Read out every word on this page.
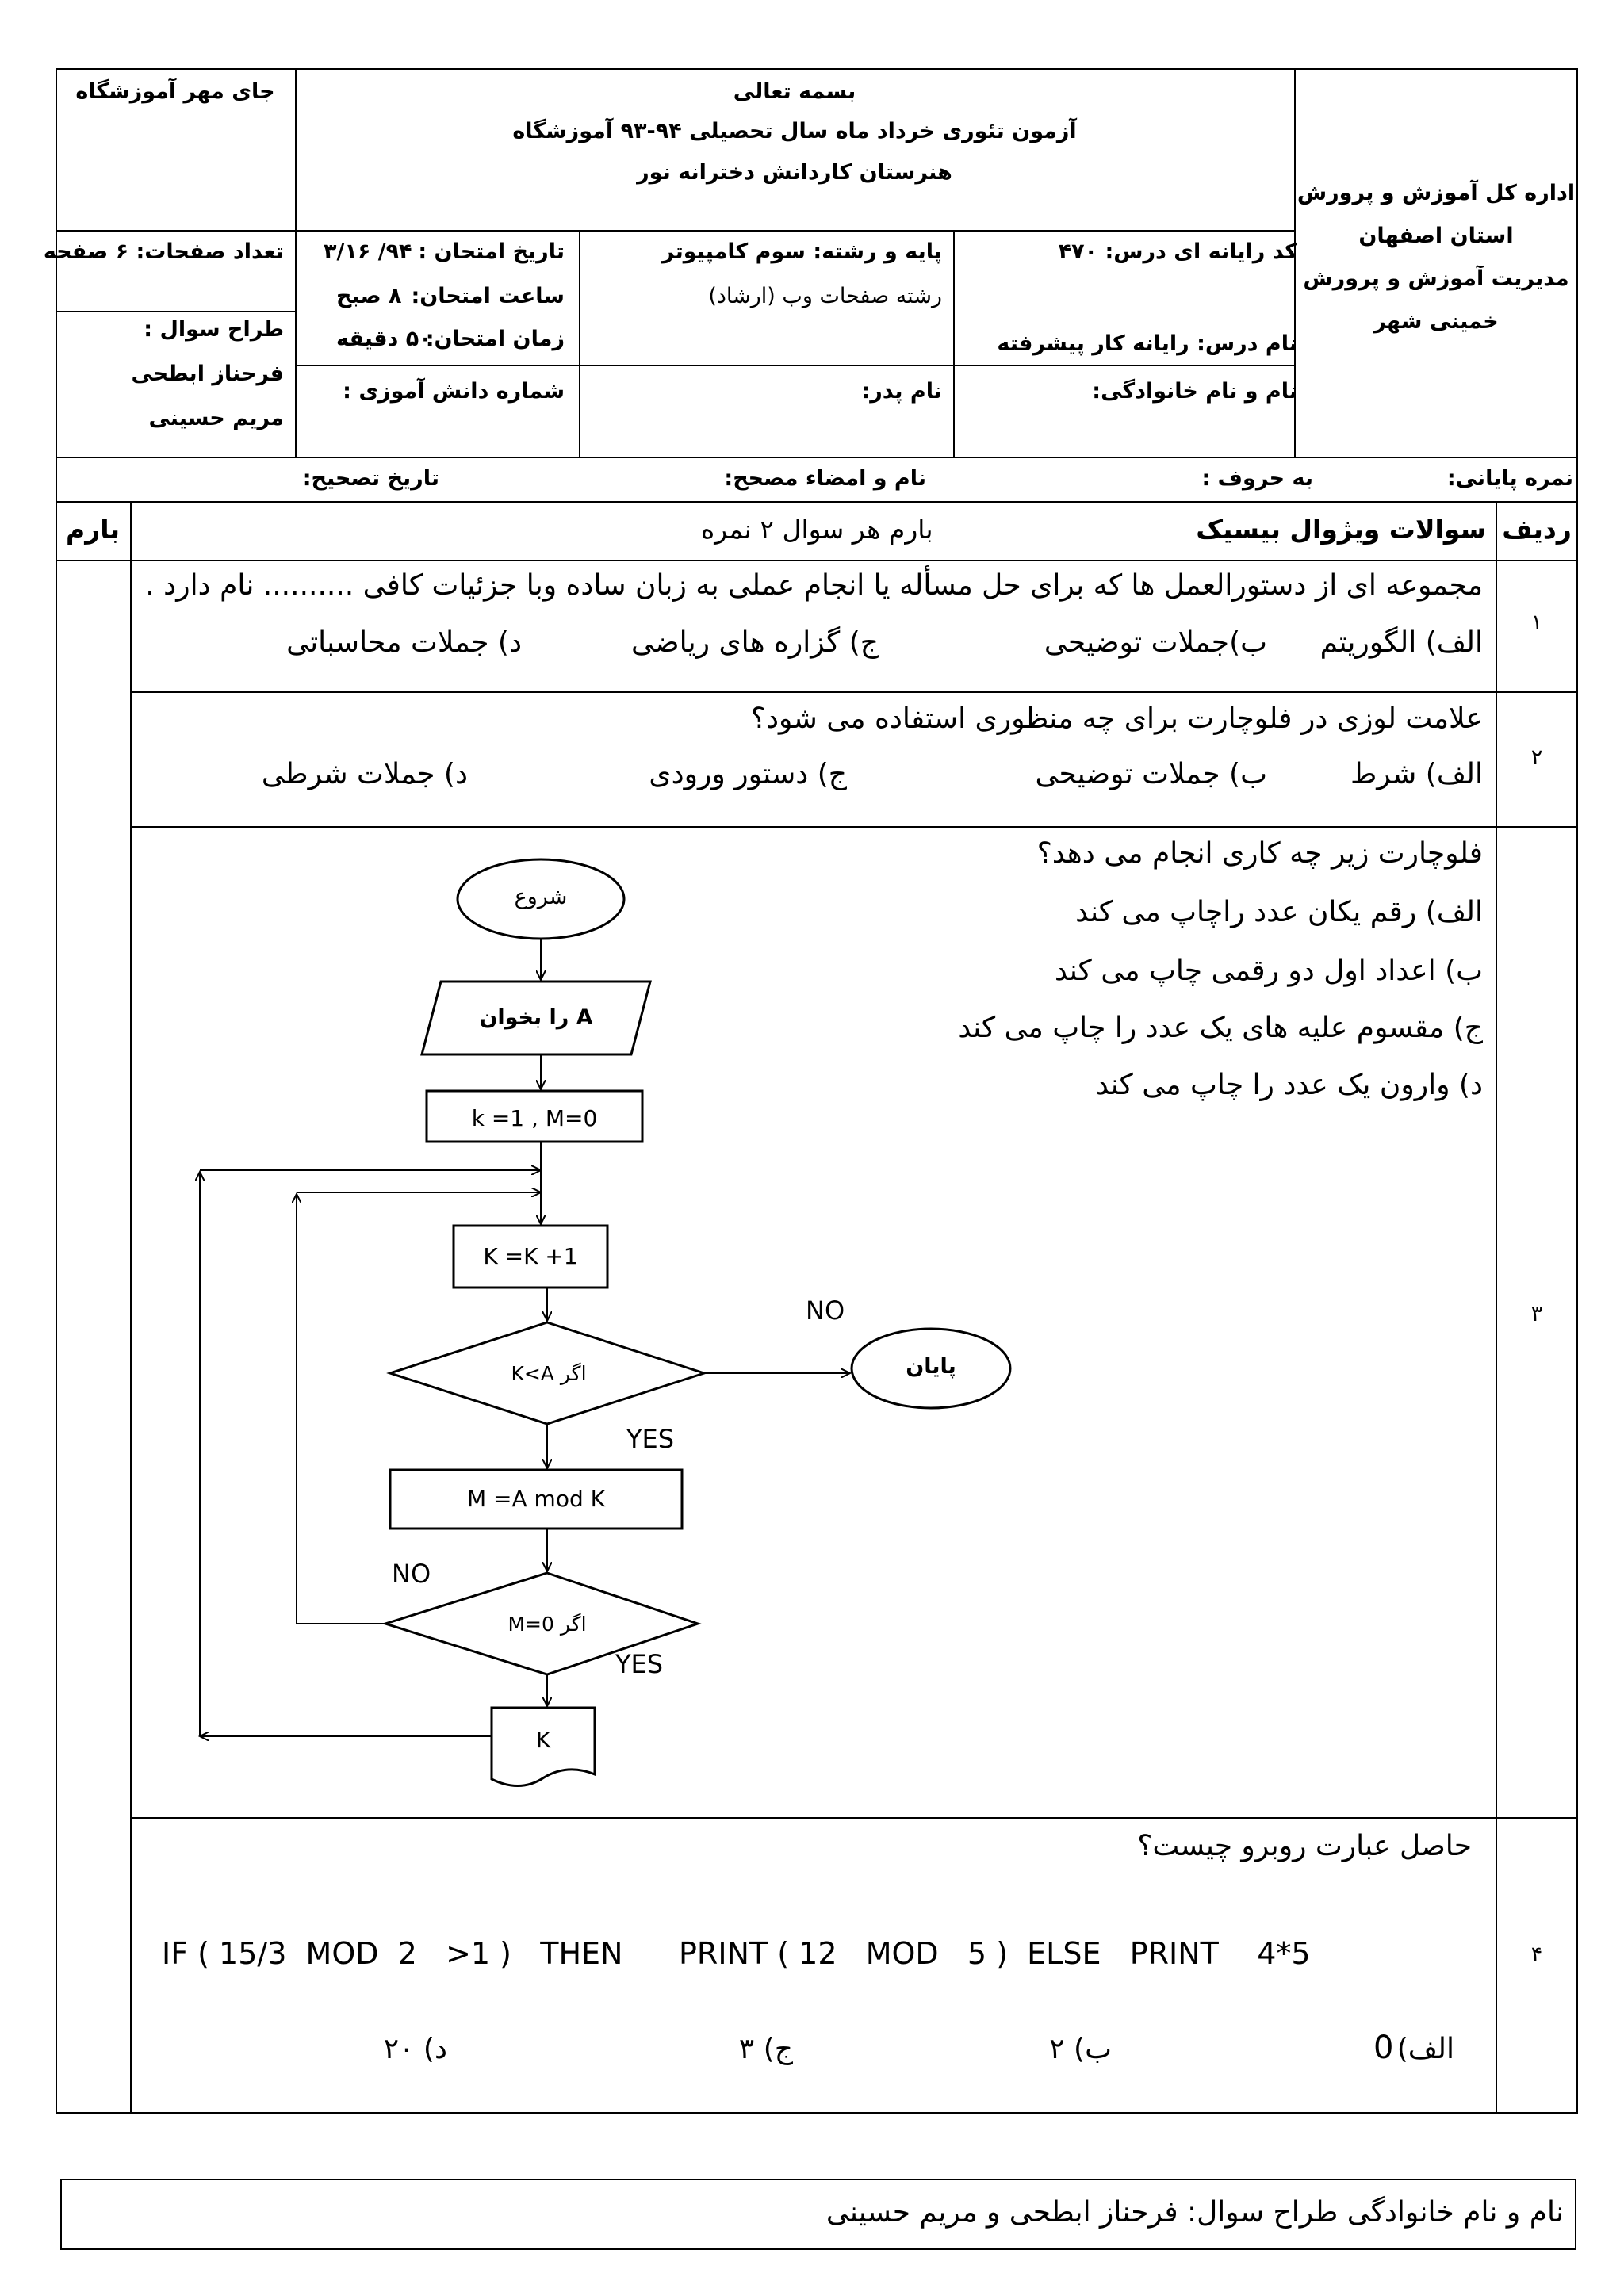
بسمه تعالی
آزمون تئوری خرداد ماه سال تحصیلی ۹۴-۹۳ آموزشگاه
هنرستان کاردانش دخترانه نور
جای مهر آموزشگاه
اداره کل آموزش و پرورش
استان اصفهان
مدیریت آموزش و پرورش
خمینی شهر
کد رایانه ای درس: ۴۷۰
نام درس: رایانه کار پیشرفته
نام و نام خانوادگی:
پایه و رشته: سوم کامپیوتر
رشته صفحات وب (ارشاد)
نام پدر:
تاریخ امتحان :
۹۴/ ۳/۱۶
ساعت امتحان:
۸ صبح
زمان امتحان:
۵۰ دقیقه
شماره دانش آموزی :
تعداد صفحات: ۶ صفحه
طراح سوال :
فرحناز ابطحی
مریم حسینی
نمره پایانی:
به حروف :
نام و امضاء مصحح:
تاریخ تصحیح:
ردیف
سوالات ویژوال بیسیک
بارم هر سوال ۲ نمره
بارم
۱
مجموعه ای از دستورالعمل ها که برای حل مسأله یا انجام عملی به زبان ساده وبا جزئیات کافی .......... نام دارد .
الف) الگوریتم
ب)جملات توضیحی
ج) گزاره های ریاضی
د) جملات محاسباتی
۲
علامت لوزی در فلوچارت برای چه منظوری استفاده می شود؟
الف) شرط
ب) جملات توضیحی
ج) دستور ورودی
د) جملات شرطی
۳
فلوچارت زیر چه کاری انجام می دهد؟
الف) رقم یکان عدد راچاپ می کند
ب) اعداد اول دو رقمی چاپ می کند
ج) مقسوم علیه های یک عدد را چاپ می کند
د) وارون یک عدد را چاپ می کند
شروع
A را بخوان
k =1 , M=0
K =K +1
اگر K<A	پایان
M =A mod K
اگر M=0
K
NO
YES
NO
YES
۴
حاصل عبارت روبرو چیست؟
IF ( 15/3  MOD  2   >1 )   THEN PRINT ( 12   MOD   5 )  ELSE   PRINT    4*5
الف)
0
ب) ۲
ج) ۳
د) ۲۰
نام و نام خانوادگی طراح سوال: فرحناز ابطحی و مریم حسینی
